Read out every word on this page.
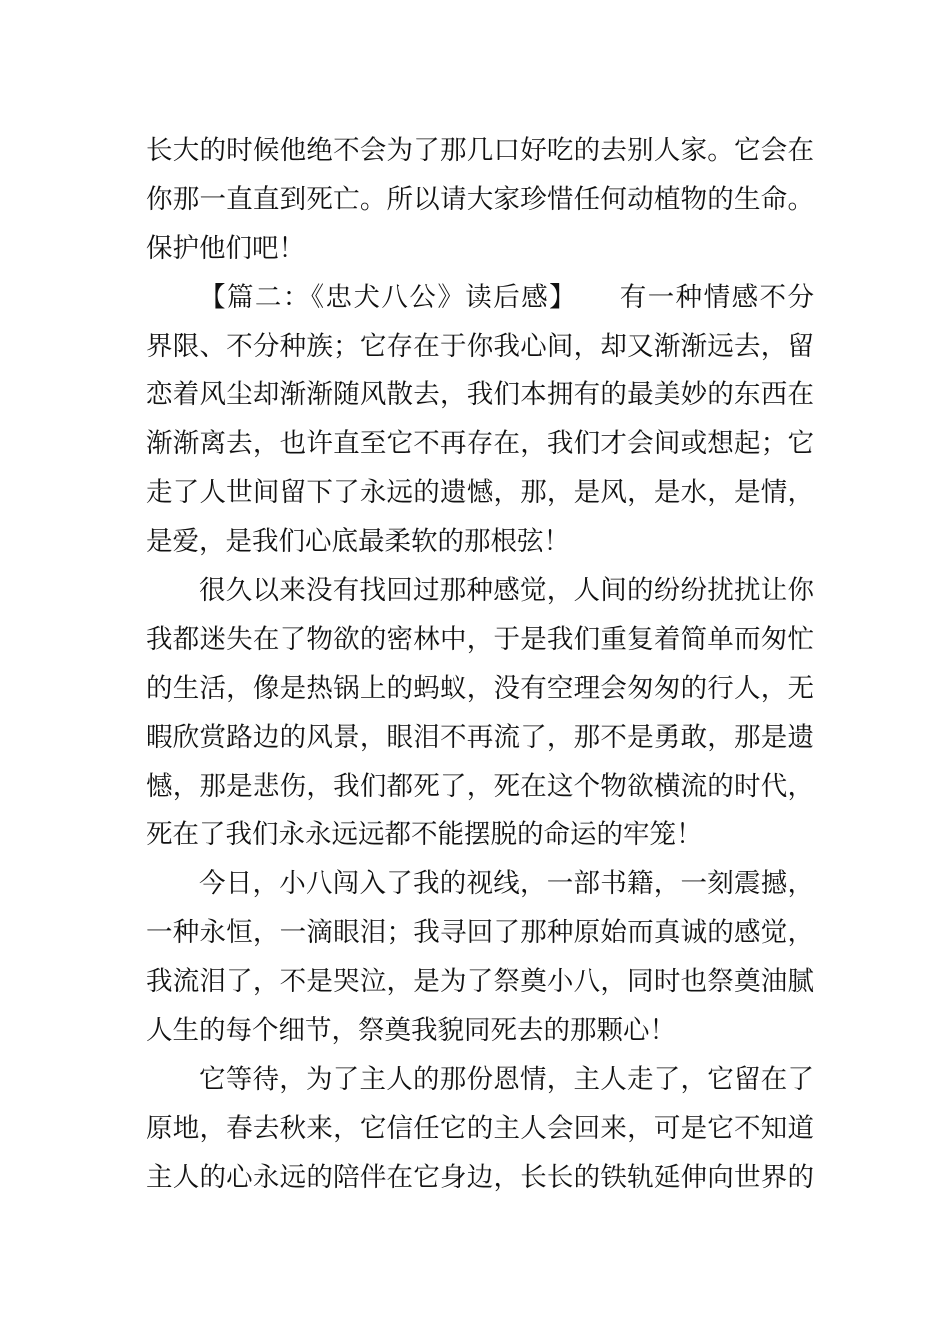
长大的时候他绝不会为了那几口好吃的去别人家。它会在
你那一直直到死亡。所以请大家珍惜任何动植物的生命。
保护他们吧！
【篇二：《忠犬八公》读后感】　　有一种情感不分
界限、不分种族；它存在于你我心间，却又渐渐远去，留
恋着风尘却渐渐随风散去，我们本拥有的最美妙的东西在
渐渐离去，也许直至它不再存在，我们才会间或想起；它
走了人世间留下了永远的遗憾，那，是风，是水，是情，
是爱，是我们心底最柔软的那根弦！
很久以来没有找回过那种感觉，人间的纷纷扰扰让你
我都迷失在了物欲的密林中，于是我们重复着简单而匆忙
的生活，像是热锅上的蚂蚁，没有空理会匆匆的行人，无
暇欣赏路边的风景，眼泪不再流了，那不是勇敢，那是遗
憾，那是悲伤，我们都死了，死在这个物欲横流的时代，
死在了我们永永远远都不能摆脱的命运的牢笼！
今日，小八闯入了我的视线，一部书籍，一刻震撼，
一种永恒，一滴眼泪；我寻回了那种原始而真诚的感觉，
我流泪了，不是哭泣，是为了祭奠小八，同时也祭奠油腻
人生的每个细节，祭奠我貌同死去的那颗心！
它等待，为了主人的那份恩情，主人走了，它留在了
原地，春去秋来，它信任它的主人会回来，可是它不知道
主人的心永远的陪伴在它身边，长长的铁轨延伸向世界的
